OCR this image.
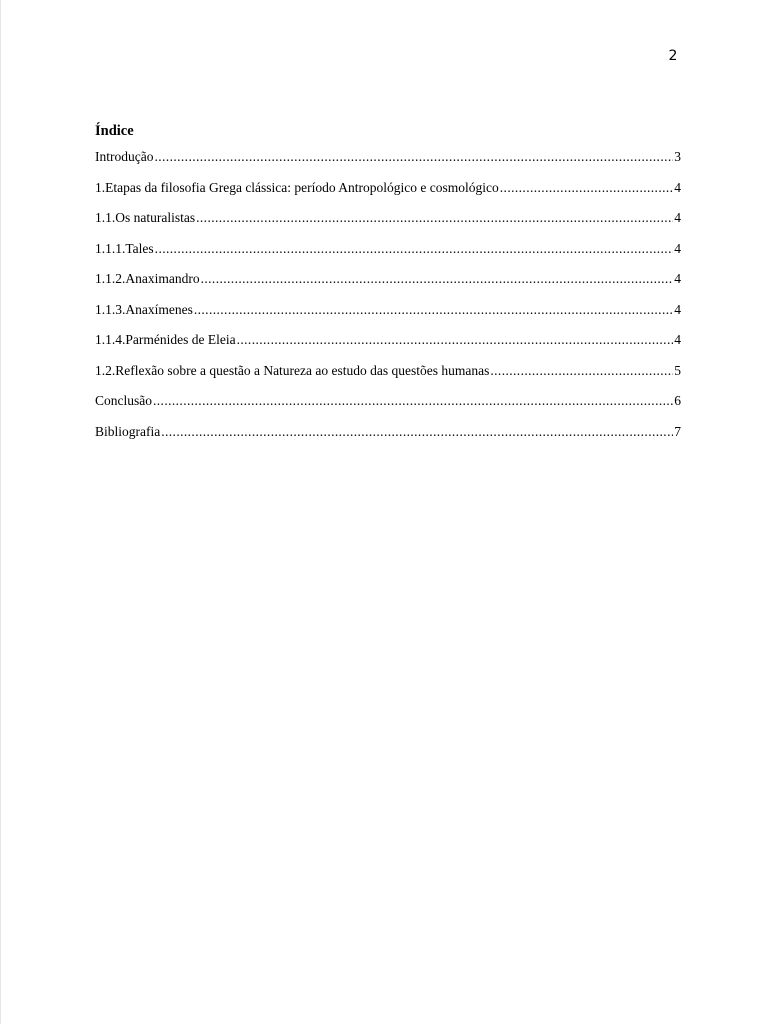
2
Índice
Introdução .....	3
1.Etapas da filosofia Grega clássica: período Antropológico e cosmológico .....	4
1.1.Os naturalistas .....	4
1.1.1.Tales .....	4
1.1.2.Anaximandro .....	4
1.1.3.Anaxímenes .....	4
1.1.4.Parménides de Eleia .....	4
1.2.Reflexão sobre a questão a Natureza ao estudo das questões humanas .....	5
Conclusão .....	6
Bibliografia .....	7
